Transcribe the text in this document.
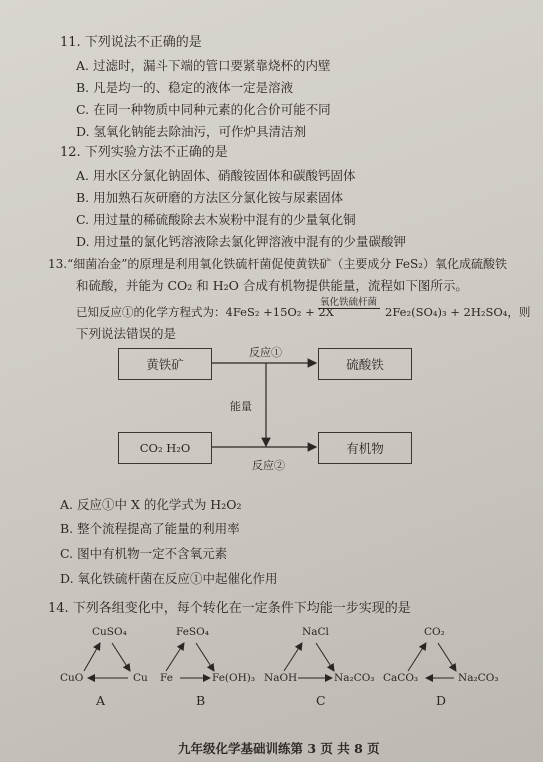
11. 下列说法不正确的是
A. 过滤时，漏斗下端的管口要紧靠烧杯的内壁
B. 凡是均一的、稳定的液体一定是溶液
C. 在同一种物质中同种元素的化合价可能不同
D. 氢氧化钠能去除油污，可作炉具清洁剂
12. 下列实验方法不正确的是
A. 用水区分氯化钠固体、硝酸铵固体和碳酸钙固体
B. 用加熟石灰研磨的方法区分氯化铵与尿素固体
C. 用过量的稀硫酸除去木炭粉中混有的少量氧化铜
D. 用过量的氯化钙溶液除去氯化钾溶液中混有的少量碳酸钾
13.“细菌冶金”的原理是利用氧化铁硫杆菌促使黄铁矿（主要成分 FeS₂）氧化成硫酸铁
和硫酸，并能为 CO₂ 和 H₂O 合成有机物提供能量，流程如下图所示。
已知反应①的化学方程式为：4FeS₂ +15O₂ + 2X
氧化铁硫杆菌
2Fe₂(SO₄)₃ + 2H₂SO₄，则
下列说法错误的是
黄铁矿	硫酸铁
CO₂ H₂O	有机物
反应①
能量
反应②
A. 反应①中 X 的化学式为 H₂O₂
B. 整个流程提高了能量的利用率
C. 图中有机物一定不含氧元素
D. 氧化铁硫杆菌在反应①中起催化作用
14. 下列各组变化中，每个转化在一定条件下均能一步实现的是
CuSO₄
CuO	Cu
A
FeSO₄
Fe	Fe(OH)₃
B
NaCl
NaOH	Na₂CO₃
C
CO₂
CaCO₃	Na₂CO₃
D
九年级化学基础训练第 3 页 共 8 页
